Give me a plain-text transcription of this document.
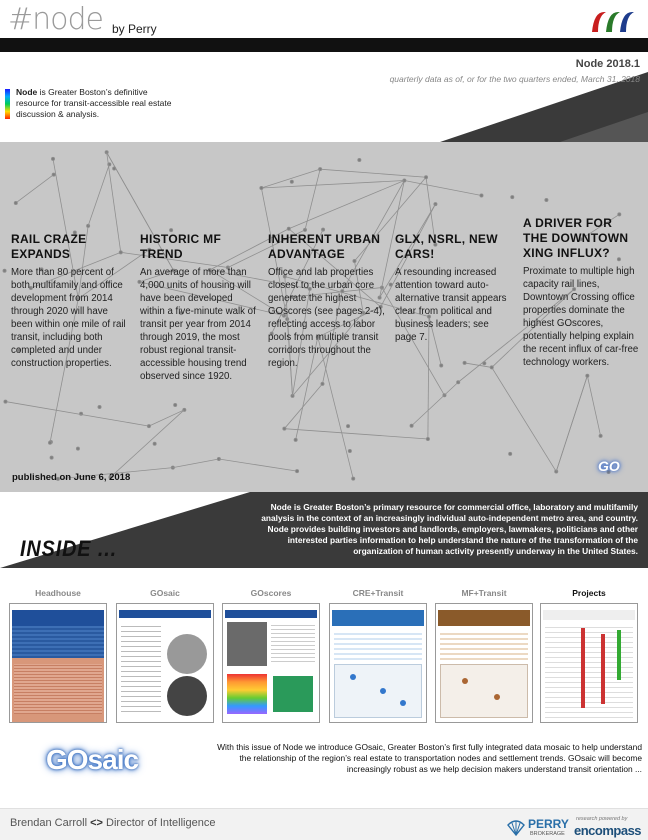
#node by Perry
Node 2018.1
quarterly data as of, or for the two quarters ended, March 31, 2018
Node is Greater Boston’s definitive resource for transit-accessible real estate discussion & analysis.
RAIL CRAZE EXPANDS

More than 80 percent of both multifamily and office development from 2014 through 2020 will have been within one mile of rail transit, including both completed and under construction properties.

HISTORIC MF TREND

An average of more than 4,000 units of housing will have been developed within a five-minute walk of transit per year from 2014 through 2019, the most robust regional transit-accessible housing trend observed since 1920.

INHERENT URBAN ADVANTAGE

Office and lab properties closest to the urban core generate the highest GOscores (see pages 2-4), reflecting access to labor pools from multiple transit corridors throughout the region.

GLX, NSRL, NEW CARS!

A resounding increased attention toward auto-alternative transit appears clear from political and business leaders; see page 7.

A DRIVER FOR THE DOWNTOWN XING INFLUX?

Proximate to multiple high capacity rail lines, Downtown Crossing office properties dominate the highest GOscores, potentially helping explain the recent influx of car-free technology workers.

published on June 6, 2018
GO
Node is Greater Boston’s primary resource for commercial office, laboratory and multifamily analysis in the context of an increasingly individual auto-independent metro area, and country. Node provides building investors and landlords, employers, lawmakers, politicians and other interested parties information to help understand the nature of the transformation of the organization of human activity presently underway in the United States.
INSIDE ...
Headhouse	GOsaic	GOscores	CRE+Transit	MF+Transit	Projects
GOsaic	With this issue of Node we introduce GOsaic, Greater Boston’s first fully integrated data mosaic to help understand the relationship of the region’s real estate to transportation nodes and settlement trends. GOsaic will become increasingly robust as we help decision makers understand transit orientation ...
Brendan Carroll <> Director of Intelligence	PERRY
BROKERAGE
research powered by
encompass
